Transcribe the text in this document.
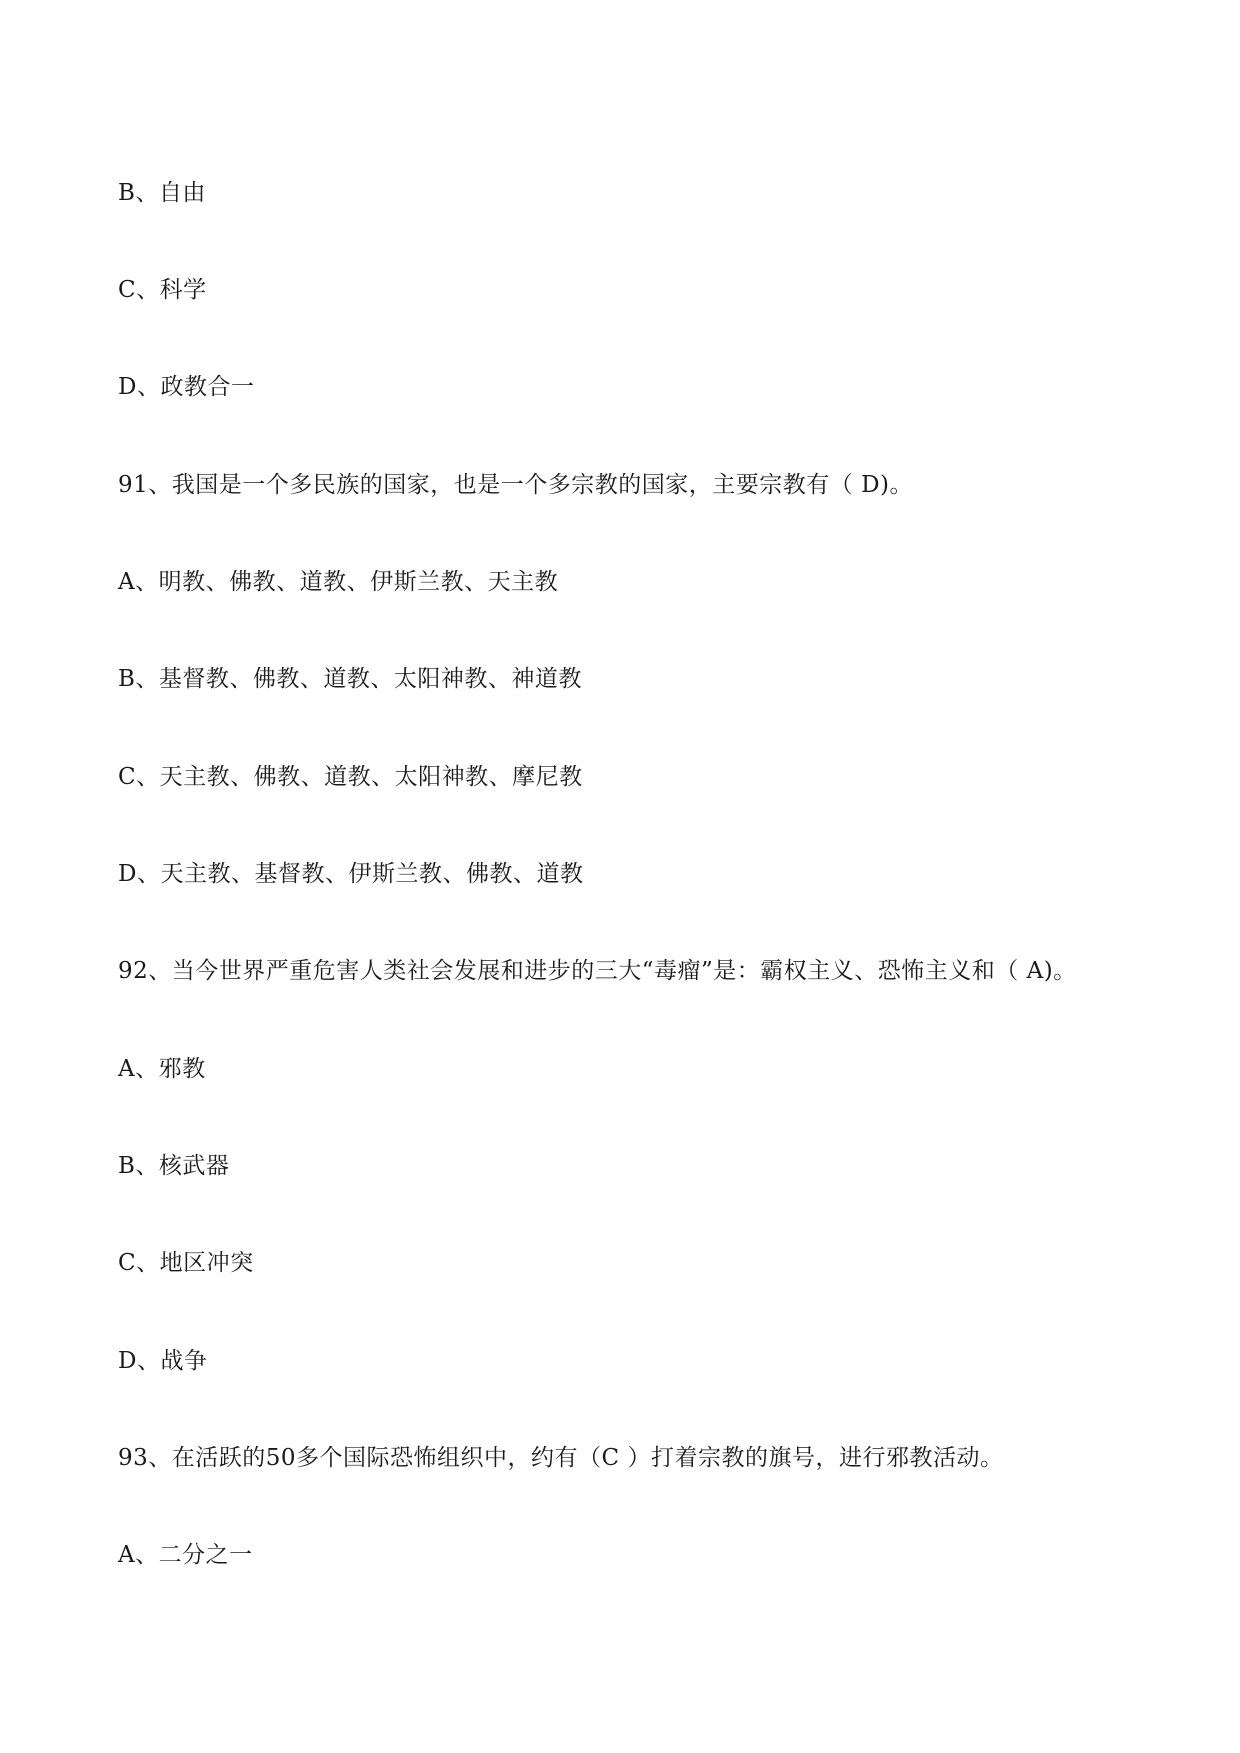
B、自由
C、科学
D、政教合一
91、我国是一个多民族的国家，也是一个多宗教的国家，主要宗教有（ D)。
A、明教、佛教、道教、伊斯兰教、天主教
B、基督教、佛教、道教、太阳神教、神道教
C、天主教、佛教、道教、太阳神教、摩尼教
D、天主教、基督教、伊斯兰教、佛教、道教
92、当今世界严重危害人类社会发展和进步的三大“毒瘤”是：霸权主义、恐怖主义和（ A)。
A、邪教
B、核武器
C、地区冲突
D、战争
93、在活跃的50多个国际恐怖组织中，约有（C ）打着宗教的旗号，进行邪教活动。
A、二分之一
